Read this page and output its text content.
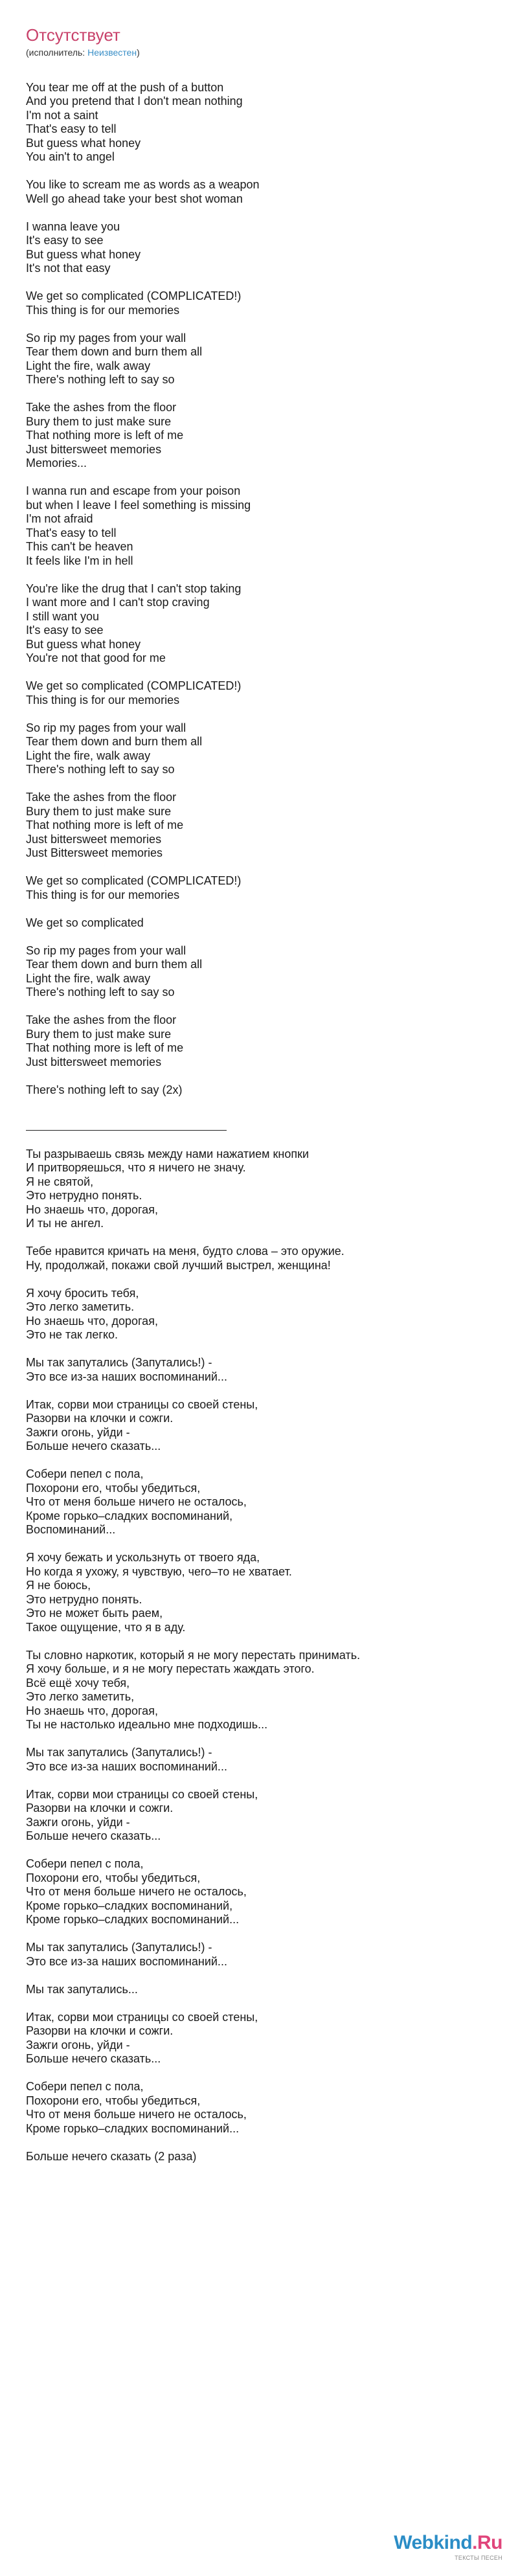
Отсутствует
(исполнитель: Неизвестен)

You tear me off at the push of a button
And you pretend that I don't mean nothing
I'm not a saint
That's easy to tell
But guess what honey
You ain't to angel
You like to scream me as words as a weapon
Well go ahead take your best shot woman
I wanna leave you
It's easy to see
But guess what honey
It's not that easy
We get so complicated (COMPLICATED!)
This thing is for our memories
So rip my pages from your wall
Tear them down and burn them all
Light the fire, walk away
There's nothing left to say so
Take the ashes from the floor
Bury them to just make sure
That nothing more is left of me
Just bittersweet memories
Memories...
I wanna run and escape from your poison
but when I leave I feel something is missing
I'm not afraid
That's easy to tell
This can't be heaven
It feels like I'm in hell
You're like the drug that I can't stop taking
I want more and I can't stop craving
I still want you
It's easy to see
But guess what honey
You're not that good for me
We get so complicated (COMPLICATED!)
This thing is for our memories
So rip my pages from your wall
Tear them down and burn them all
Light the fire, walk away
There's nothing left to say so
Take the ashes from the floor
Bury them to just make sure
That nothing more is left of me
Just bittersweet memories
Just Bittersweet memories
We get so complicated (COMPLICATED!)
This thing is for our memories
We get so complicated
So rip my pages from your wall
Tear them down and burn them all
Light the fire, walk away
There's nothing left to say so
Take the ashes from the floor
Bury them to just make sure
That nothing more is left of me
Just bittersweet memories
There's nothing left to say (2x)

Ты разрываешь связь между нами нажатием кнопки
И притворяешься, что я ничего не значу.
Я не святой,
Это нетрудно понять.
Но знаешь что, дорогая,
И ты не ангел.
Тебе нравится кричать на меня, будто слова – это оружие.
Ну, продолжай, покажи свой лучший выстрел, женщина!
Я хочу бросить тебя,
Это легко заметить.
Но знаешь что, дорогая,
Это не так легко.
Мы так запутались (Запутались!) -
Это все из-за наших воспоминаний...
Итак, сорви мои страницы со своей стены,
Разорви на клочки и сожги.
Зажги огонь, уйди -
Больше нечего сказать...
Собери пепел с пола,
Похорони его, чтобы убедиться,
Что от меня больше ничего не осталось,
Кроме горько–сладких воспоминаний,
Воспоминаний...
Я хочу бежать и ускользнуть от твоего яда,
Но когда я ухожу, я чувствую, чего–то не хватает.
Я не боюсь,
Это нетрудно понять.
Это не может быть раем,
Такое ощущение, что я в аду.
Ты словно наркотик, который я не могу перестать принимать.
Я хочу больше, и я не могу перестать жаждать этого.
Всё ещё хочу тебя,
Это легко заметить,
Но знаешь что, дорогая,
Ты не настолько идеально мне подходишь...
Мы так запутались (Запутались!) -
Это все из-за наших воспоминаний...
Итак, сорви мои страницы со своей стены,
Разорви на клочки и сожги.
Зажги огонь, уйди -
Больше нечего сказать...
Собери пепел с пола,
Похорони его, чтобы убедиться,
Что от меня больше ничего не осталось,
Кроме горько–сладких воспоминаний,
Кроме горько–сладких воспоминаний...
Мы так запутались (Запутались!) -
Это все из-за наших воспоминаний...
Мы так запутались...
Итак, сорви мои страницы со своей стены,
Разорви на клочки и сожги.
Зажги огонь, уйди -
Больше нечего сказать...
Собери пепел с пола,
Похорони его, чтобы убедиться,
Что от меня больше ничего не осталось,
Кроме горько–сладких воспоминаний...
Больше нечего сказать (2 раза)

Webkind .Ru
ТЕКСТЫ ПЕСЕН
